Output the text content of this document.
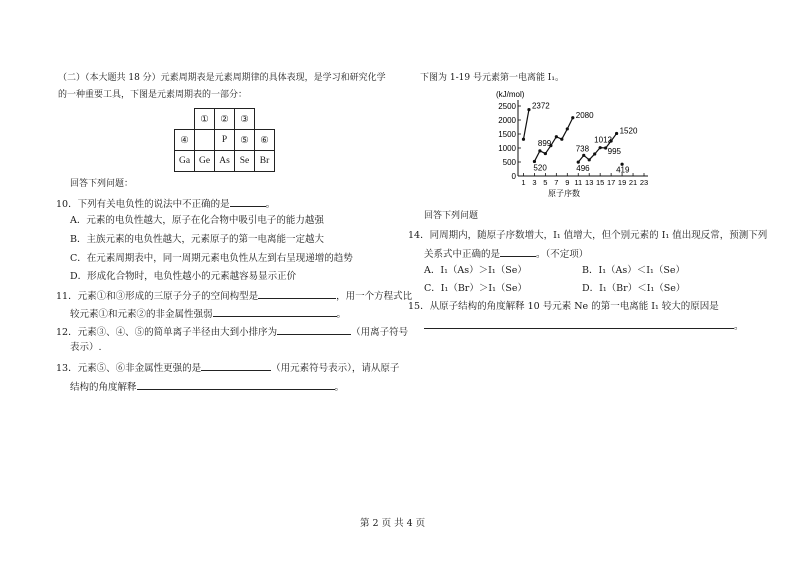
（二）（本大题共 18 分）元素周期表是元素周期律的具体表现，是学习和研究化学
的一种重要工具，下图是元素周期表的一部分：
	①	②	③	
④		P	⑤	⑥
Ga	Ge	As	Se	Br
回答下列问题：
10．下列有关电负性的说法中不正确的是	。
A．元素的电负性越大，原子在化合物中吸引电子的能力越强
B．主族元素的电负性越大，元素原子的第一电离能一定越大
C．在元素周期表中，同一周期元素电负性从左到右呈现递增的趋势
D．形成化合物时，电负性越小的元素越容易显示正价
11．元素①和③形成的三原子分子的空间构型是	，用一个方程式比
较元素①和元素②的非金属性强弱	。
12．元素③、④、⑤的简单离子半径由大到小排序为	（用离子符号
表示）.
13．元素⑤、⑥非金属性更强的是	（用元素符号表示），请从原子
结构的角度解释	。
下图为 1-19 号元素第一电离能 I₁。
0
500
1000
1500
2000
2500
1 3 5 7 9 11 13 15 17 19 21 23
2372
520
899
2080
496
738
1012
995
1520
419
(kJ/mol)
原子序数
回答下列问题
14．同周期内，随原子序数增大，I₁ 值增大，但个别元素的 I₁ 值出现反常，预测下列
关系式中正确的是	。（不定项）
A．I₁（As）＞I₁（Se）	B．I₁（As）＜I₁（Se）
C．I₁（Br）＞I₁（Se）	D．I₁（Br）＜I₁（Se）
15．从原子结构的角度解释 10 号元素 Ne 的第一电离能 I₁ 较大的原因是
。
第 2 页 共 4 页
